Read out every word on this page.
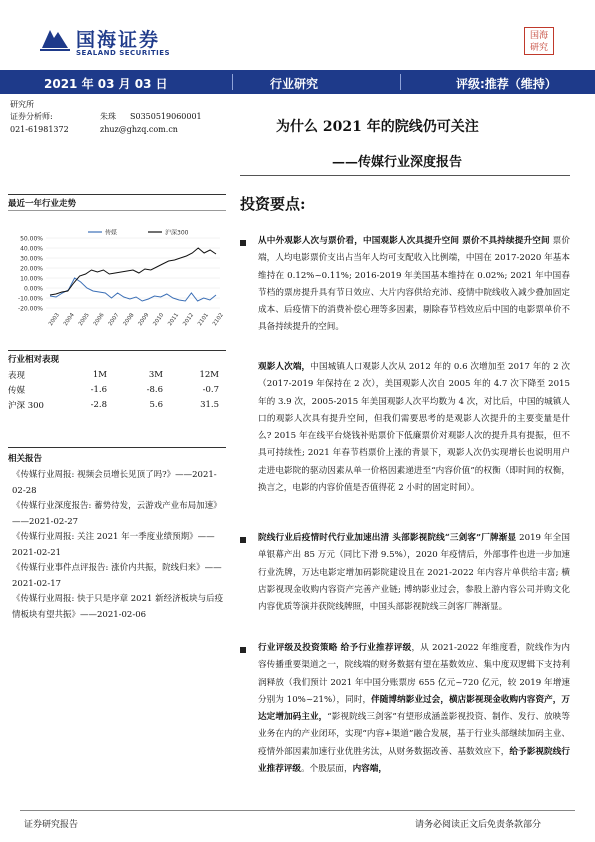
国海证券
SEALAND SECURITIES
国海
研究
2021 年 03 月 03 日	行业研究	评级:推荐（维持）
研究所
证券分析师:	朱珠 S0350519060001
021-61981372	zhuz@ghzq.com.cn	为什么 2021 年的院线仍可关注
——传媒行业深度报告
最近一年行业走势
50.00%
40.00%
30.00%
20.00%
10.00%
0.00%
-10.00%
-20.00%
2003 2004 2005 2006 2007 2008 2009 2010 2011 2012 2101 2102
传媒	沪深300
行业相对表现
表现	1M	3M	12M
传媒	-1.6	-8.6	-0.7
沪深 300	-2.8	5.6	31.5
相关报告
《传媒行业周报: 视频会员增长见顶了吗?》——2021-02-28
《传媒行业深度报告: 蓄势待发，云游戏产业布局加速》——2021-02-27
《传媒行业周报: 关注 2021 年一季度业绩预期》——2021-02-21
《传媒行业事件点评报告: 涨价内共振，院线归来》——2021-02-17
《传媒行业周报: 快于只是序章 2021 新经济板块与后疫情板块有望共振》——2021-02-06
投资要点:
从中外观影人次与票价看，中国观影人次具提升空间 票价不具持续提升空间 票价端，人均电影票价支出占当年人均可支配收入比例端，中国在 2017-2020 年基本维持在 0.12%~0.11%; 2016-2019 年美国基本维持在 0.02%; 2021 年中国春节档的票房提升具有节日效应、大片内容供给充沛、疫情中院线收入减少叠加固定成本、后疫情下的消费补偿心理等多因素，剔除春节档效应后中国的电影票单价不具备持续提升的空间。
观影人次端，中国城镇人口观影人次从 2012 年的 0.6 次增加至 2017 年的 2 次（2017-2019 年保持在 2 次），美国观影人次自 2005 年的 4.7 次下降至 2015 年的 3.9 次，2005-2015 年美国观影人次平均数为 4 次，对比后，中国的城镇人口的观影人次具有提升空间，但我们需要思考的是观影人次提升的主要变量是什么? 2015 年在线平台烧钱补贴票价下低廉票价对观影人次的提升具有提振，但不具可持续性; 2021 年春节档票价上涨的背景下，观影人次仍实现增长也说明用户走进电影院的驱动因素从单一价格因素递进至“内容价值”的权衡（即时间的权衡，换言之，电影的内容价值是否值得花 2 小时的固定时间）。
院线行业后疫情时代行业加速出清 头部影视院线“三剑客”厂牌渐显 2019 年全国单银幕产出 85 万元（同比下滑 9.5%），2020 年疫情后，外部事件也进一步加速行业洗牌，万达电影定增加码影院建设且在 2021-2022 年内容片单供给丰富; 横店影视现金收购内容资产完善产业链; 博纳影业过会，参股上游内容公司并购文化内容优质等演并获院线牌照，中国头部影视院线三剑客厂牌渐显。
行业评级及投资策略 给予行业推荐评级，从 2021-2022 年维度看，院线作为内容传播重要渠道之一，院线端的财务数据有望在基数效应、集中度双逻辑下支持利润释放（我们预计 2021 年中国分账票房 655 亿元~720 亿元，较 2019 年增速分别为 10%~21%），同时，伴随博纳影业过会，横店影视现金收购内容资产，万达定增加码主业，“影视院线三剑客”有望形成涵盖影视投资、制作、发行、放映等业务在内的产业闭环，实现“内容+渠道”融合发展，基于行业头部继续加码主业、疫情外部因素加速行业优胜劣汰，从财务数据改善、基数效应下，给予影视院线行业推荐评级。个股层面，内容端，
证券研究报告	请务必阅读正文后免责条款部分
